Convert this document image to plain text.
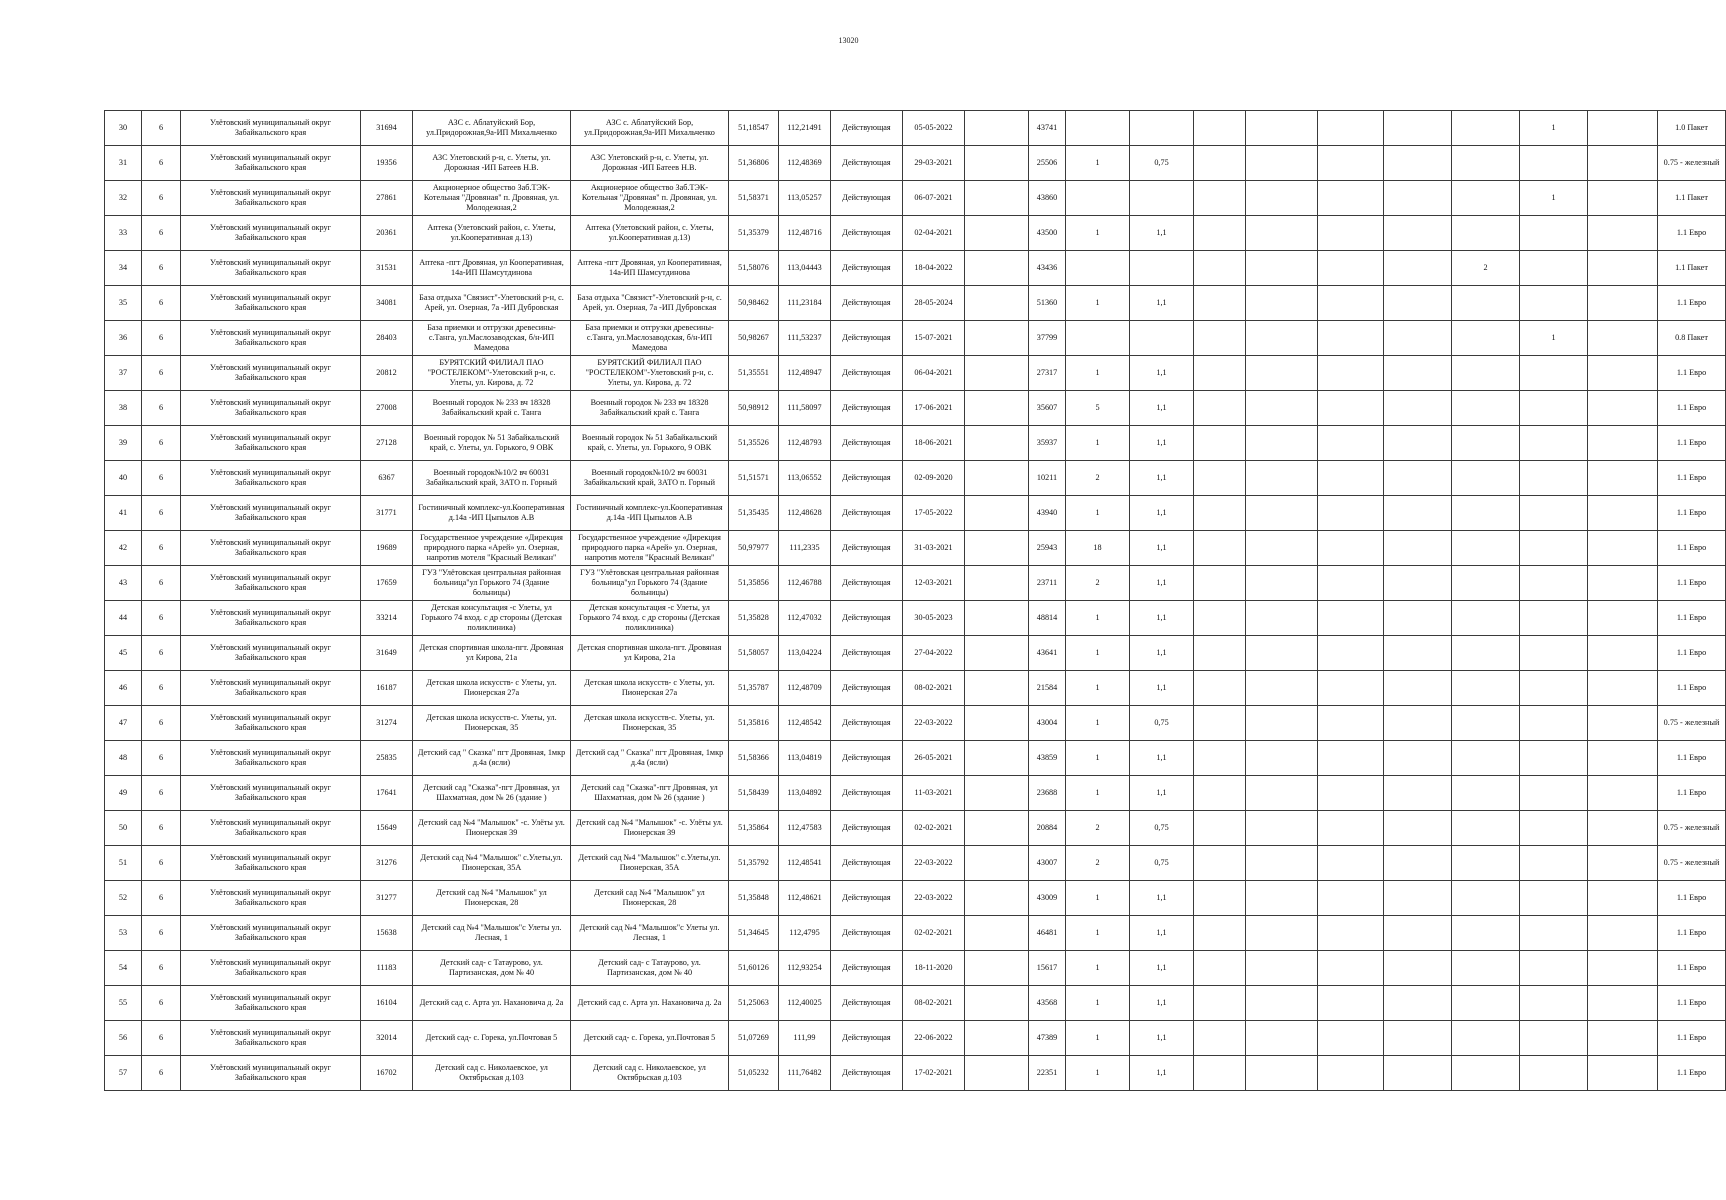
13020
30	6	Улётовский муниципальный округ Забайкальского края	31694	АЗС с. Аблатуйский Бор, ул.Придорожная,9а-ИП Михальченко	АЗС с. Аблатуйский Бор, ул.Придорожная,9а-ИП Михальченко	51,18547	112,21491	Действующая	05-05-2022		43741								1		1.0 Пакет
31	6	Улётовский муниципальный округ Забайкальского края	19356	АЗС Улетовский р-н, с. Улеты, ул. Дорожная -ИП Батеев Н.В.	АЗС Улетовский р-н, с. Улеты, ул. Дорожная -ИП Батеев Н.В.	51,36806	112,48369	Действующая	29-03-2021		25506	1	0,75								0.75 - железный
32	6	Улётовский муниципальный округ Забайкальского края	27861	Акционерное общество Заб.ТЭК-Котельная "Дровяная" п. Дровяная, ул. Молодежная,2	Акционерное общество Заб.ТЭК-Котельная "Дровяная" п. Дровяная, ул. Молодежная,2	51,58371	113,05257	Действующая	06-07-2021		43860								1		1.1 Пакет
33	6	Улётовский муниципальный округ Забайкальского края	20361	Аптека (Улетовский район, с. Улеты, ул.Кооперативная д.13)	Аптека (Улетовский район, с. Улеты, ул.Кооперативная д.13)	51,35379	112,48716	Действующая	02-04-2021		43500	1	1,1								1.1 Евро
34	6	Улётовский муниципальный округ Забайкальского края	31531	Аптека -пгт Дровяная, ул Кооперативная, 14а-ИП Шамсутдинова	Аптека -пгт Дровяная, ул Кооперативная, 14а-ИП Шамсутдинова	51,58076	113,04443	Действующая	18-04-2022		43436							2			1.1 Пакет
35	6	Улётовский муниципальный округ Забайкальского края	34081	База отдыха "Связист"-Улетовский р-н, с. Арей, ул. Озерная, 7а -ИП Дубровская	База отдыха "Связист"-Улетовский р-н, с. Арей, ул. Озерная, 7а -ИП Дубровская	50,98462	111,23184	Действующая	28-05-2024		51360	1	1,1								1.1 Евро
36	6	Улётовский муниципальный округ Забайкальского края	28403	База приемки и отгрузки древесины-с.Танга, ул.Маслозаводская, б/н-ИП Мамедова	База приемки и отгрузки древесины-с.Танга, ул.Маслозаводская, б/н-ИП Мамедова	50,98267	111,53237	Действующая	15-07-2021		37799								1		0.8 Пакет
37	6	Улётовский муниципальный округ Забайкальского края	20812	БУРЯТСКИЙ ФИЛИАЛ ПАО "РОСТЕЛЕКОМ"-Улетовский р-н, с. Улеты, ул. Кирова, д. 72	БУРЯТСКИЙ ФИЛИАЛ ПАО "РОСТЕЛЕКОМ"-Улетовский р-н, с. Улеты, ул. Кирова, д. 72	51,35551	112,48947	Действующая	06-04-2021		27317	1	1,1								1.1 Евро
38	6	Улётовский муниципальный округ Забайкальского края	27008	Военный городок № 233 вч 18328 Забайкальский край с. Танга	Военный городок № 233 вч 18328 Забайкальский край с. Танга	50,98912	111,58097	Действующая	17-06-2021		35607	5	1,1								1.1 Евро
39	6	Улётовский муниципальный округ Забайкальского края	27128	Военный городок № 51 Забайкальский край, с. Улеты, ул. Горького, 9 ОВК	Военный городок № 51 Забайкальский край, с. Улеты, ул. Горького, 9 ОВК	51,35526	112,48793	Действующая	18-06-2021		35937	1	1,1								1.1 Евро
40	6	Улётовский муниципальный округ Забайкальского края	6367	Военный городок№10/2 вч 60031 Забайкальский край, ЗАТО п. Горный	Военный городок№10/2 вч 60031 Забайкальский край, ЗАТО п. Горный	51,51571	113,06552	Действующая	02-09-2020		10211	2	1,1								1.1 Евро
41	6	Улётовский муниципальный округ Забайкальского края	31771	Гостиничный комплекс-ул.Кооперативная д.14а -ИП Цыпылов А.В	Гостиничный комплекс-ул.Кооперативная д.14а -ИП Цыпылов А.В	51,35435	112,48628	Действующая	17-05-2022		43940	1	1,1								1.1 Евро
42	6	Улётовский муниципальный округ Забайкальского края	19689	Государственное учреждение «Дирекция природного парка «Арей» ул. Озерная, напротив мотеля "Красный Великан"	Государственное учреждение «Дирекция природного парка «Арей» ул. Озерная, напротив мотеля "Красный Великан"	50,97977	111,2335	Действующая	31-03-2021		25943	18	1,1								1.1 Евро
43	6	Улётовский муниципальный округ Забайкальского края	17659	ГУЗ "Улётовская центральная районная больница"ул Горького 74 (Здание больницы)	ГУЗ "Улётовская центральная районная больница"ул Горького 74 (Здание больницы)	51,35856	112,46788	Действующая	12-03-2021		23711	2	1,1								1.1 Евро
44	6	Улётовский муниципальный округ Забайкальского края	33214	Детская консультация -с Улеты, ул Горького 74 вход. с др стороны (Детская поликлиника)	Детская консультация -с Улеты, ул Горького 74 вход. с др стороны (Детская поликлиника)	51,35828	112,47032	Действующая	30-05-2023		48814	1	1,1								1.1 Евро
45	6	Улётовский муниципальный округ Забайкальского края	31649	Детская спортивная школа-пгт. Дровяная ул Кирова, 21а	Детская спортивная школа-пгт. Дровяная ул Кирова, 21а	51,58057	113,04224	Действующая	27-04-2022		43641	1	1,1								1.1 Евро
46	6	Улётовский муниципальный округ Забайкальского края	16187	Детская школа искусств- с Улеты, ул. Пионерская 27а	Детская школа искусств- с Улеты, ул. Пионерская 27а	51,35787	112,48709	Действующая	08-02-2021		21584	1	1,1								1.1 Евро
47	6	Улётовский муниципальный округ Забайкальского края	31274	Детская школа искусств-с. Улеты, ул. Пионерская, 35	Детская школа искусств-с. Улеты, ул. Пионерская, 35	51,35816	112,48542	Действующая	22-03-2022		43004	1	0,75								0.75 - железный
48	6	Улётовский муниципальный округ Забайкальского края	25835	Детский сад " Сказка" пгт Дровяная, 1мкр д.4а (ясли)	Детский сад " Сказка" пгт Дровяная, 1мкр д.4а (ясли)	51,58366	113,04819	Действующая	26-05-2021		43859	1	1,1								1.1 Евро
49	6	Улётовский муниципальный округ Забайкальского края	17641	Детский сад "Сказка"-пгт Дровяная, ул Шахматная, дом № 26 (здание )	Детский сад "Сказка"-пгт Дровяная, ул Шахматная, дом № 26 (здание )	51,58439	113,04892	Действующая	11-03-2021		23688	1	1,1								1.1 Евро
50	6	Улётовский муниципальный округ Забайкальского края	15649	Детский сад №4 "Малышок" -с. Улёты ул. Пионерская 39	Детский сад №4 "Малышок" -с. Улёты ул. Пионерская 39	51,35864	112,47583	Действующая	02-02-2021		20884	2	0,75								0.75 - железный
51	6	Улётовский муниципальный округ Забайкальского края	31276	Детский сад №4 "Малышок" с.Улеты,ул. Пионерская, 35А	Детский сад №4 "Малышок" с.Улеты,ул. Пионерская, 35А	51,35792	112,48541	Действующая	22-03-2022		43007	2	0,75								0.75 - железный
52	6	Улётовский муниципальный округ Забайкальского края	31277	Детский сад №4 "Малышок" ул Пионерская, 28	Детский сад №4 "Малышок" ул Пионерская, 28	51,35848	112,48621	Действующая	22-03-2022		43009	1	1,1								1.1 Евро
53	6	Улётовский муниципальный округ Забайкальского края	15638	Детский сад №4 "Малышок"с Улеты ул. Лесная, 1	Детский сад №4 "Малышок"с Улеты ул. Лесная, 1	51,34645	112,4795	Действующая	02-02-2021		46481	1	1,1								1.1 Евро
54	6	Улётовский муниципальный округ Забайкальского края	11183	Детский сад- с Татаурово, ул. Партизанская, дом № 40	Детский сад- с Татаурово, ул. Партизанская, дом № 40	51,60126	112,93254	Действующая	18-11-2020		15617	1	1,1								1.1 Евро
55	6	Улётовский муниципальный округ Забайкальского края	16104	Детский сад с. Арта ул. Нахановича д. 2а	Детский сад с. Арта ул. Нахановича д. 2а	51,25063	112,40025	Действующая	08-02-2021		43568	1	1,1								1.1 Евро
56	6	Улётовский муниципальный округ Забайкальского края	32014	Детский сад- с. Горека, ул.Почтовая 5	Детский сад- с. Горека, ул.Почтовая 5	51,07269	111,99	Действующая	22-06-2022		47389	1	1,1								1.1 Евро
57	6	Улётовский муниципальный округ Забайкальского края	16702	Детский сад с. Николаевское, ул Октябрьская д.103	Детский сад с. Николаевское, ул Октябрьская д.103	51,05232	111,76482	Действующая	17-02-2021		22351	1	1,1								1.1 Евро
